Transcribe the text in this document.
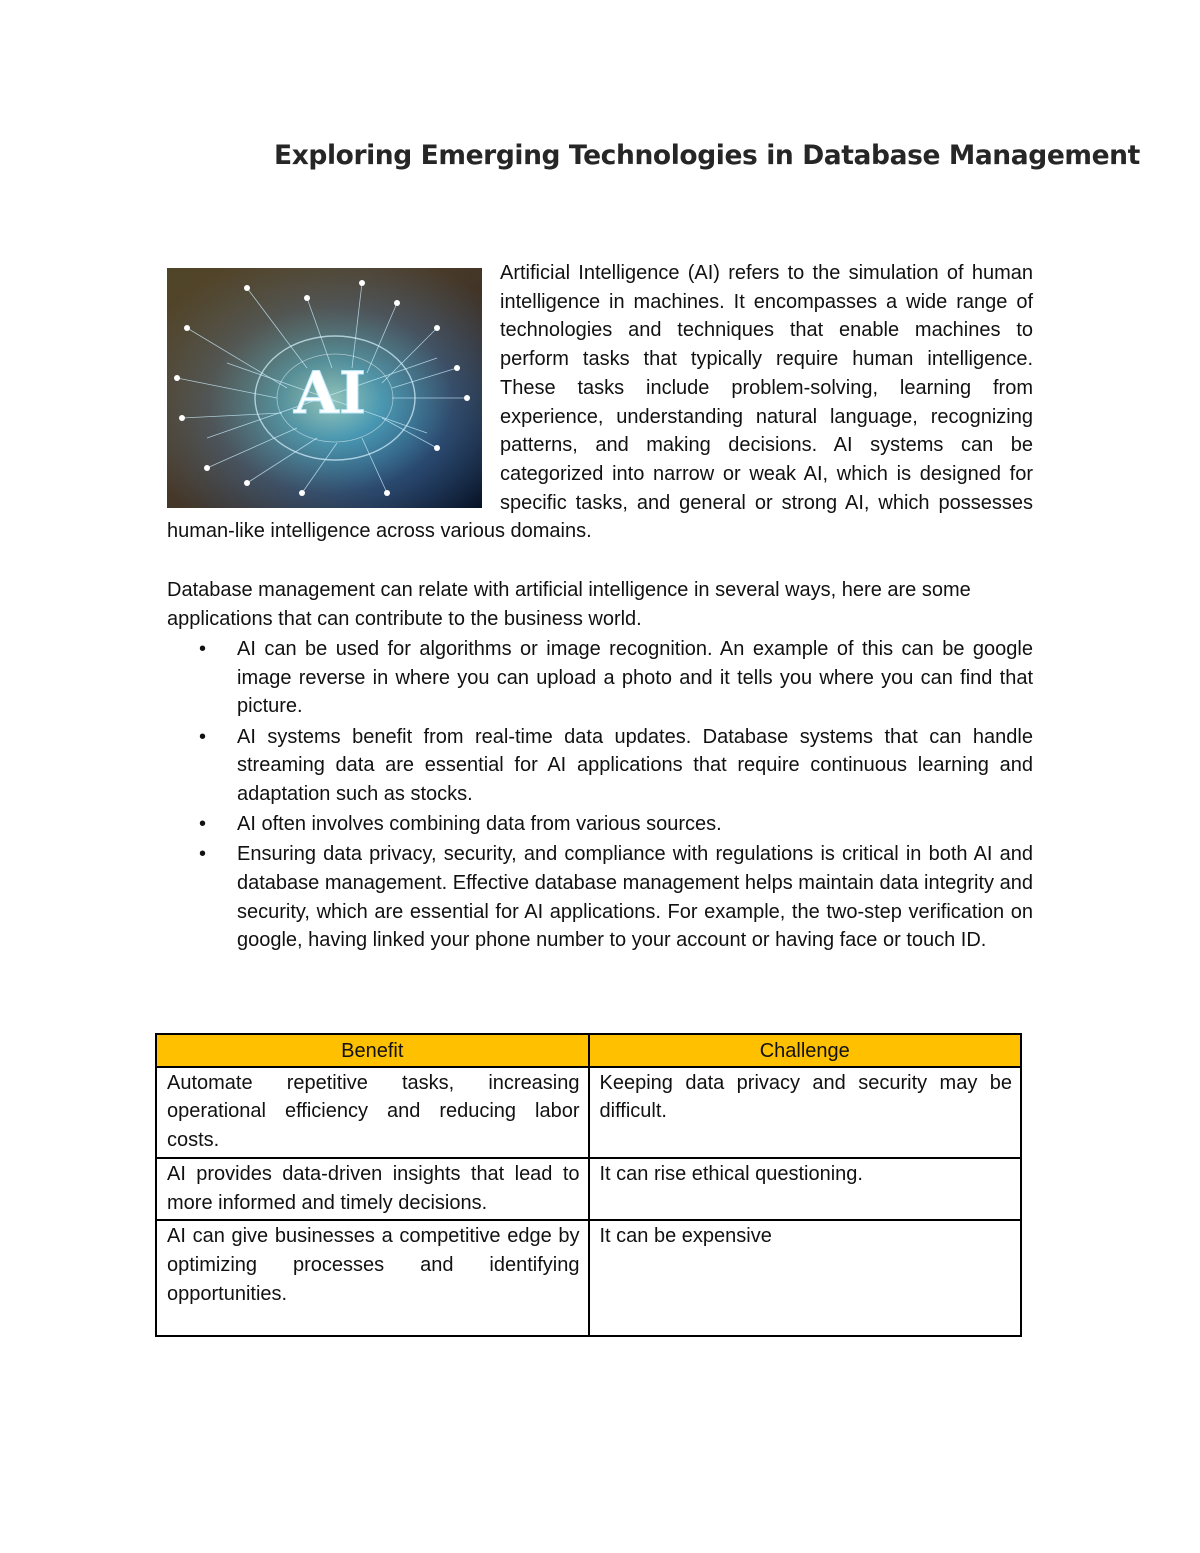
Exploring Emerging Technologies in Database Management
AI
Artificial Intelligence (AI) refers to the simulation of human intelligence in machines. It encompasses a wide range of technologies and techniques that enable machines to perform tasks that typically require human intelligence. These tasks include problem-solving, learning from experience, understanding natural language, recognizing patterns, and making decisions. AI systems can be categorized into narrow or weak AI, which is designed for specific tasks, and general or strong AI, which possesses human-like intelligence across various domains.
Database management can relate with artificial intelligence in several ways, here are some applications that can contribute to the business world.
• AI can be used for algorithms or image recognition. An example of this can be google image reverse in where you can upload a photo and it tells you where you can find that picture.
• AI systems benefit from real-time data updates. Database systems that can handle streaming data are essential for AI applications that require continuous learning and adaptation such as stocks.
• AI often involves combining data from various sources.
• Ensuring data privacy, security, and compliance with regulations is critical in both AI and database management. Effective database management helps maintain data integrity and security, which are essential for AI applications. For example, the two-step verification on google, having linked your phone number to your account or having face or touch ID.
Benefit	Challenge
Automate repetitive tasks, increasing operational efficiency and reducing labor costs.	Keeping data privacy and security may be difficult.
AI provides data-driven insights that lead to more informed and timely decisions.	It can rise ethical questioning.
AI can give businesses a competitive edge by optimizing processes and identifying opportunities.	It can be expensive
